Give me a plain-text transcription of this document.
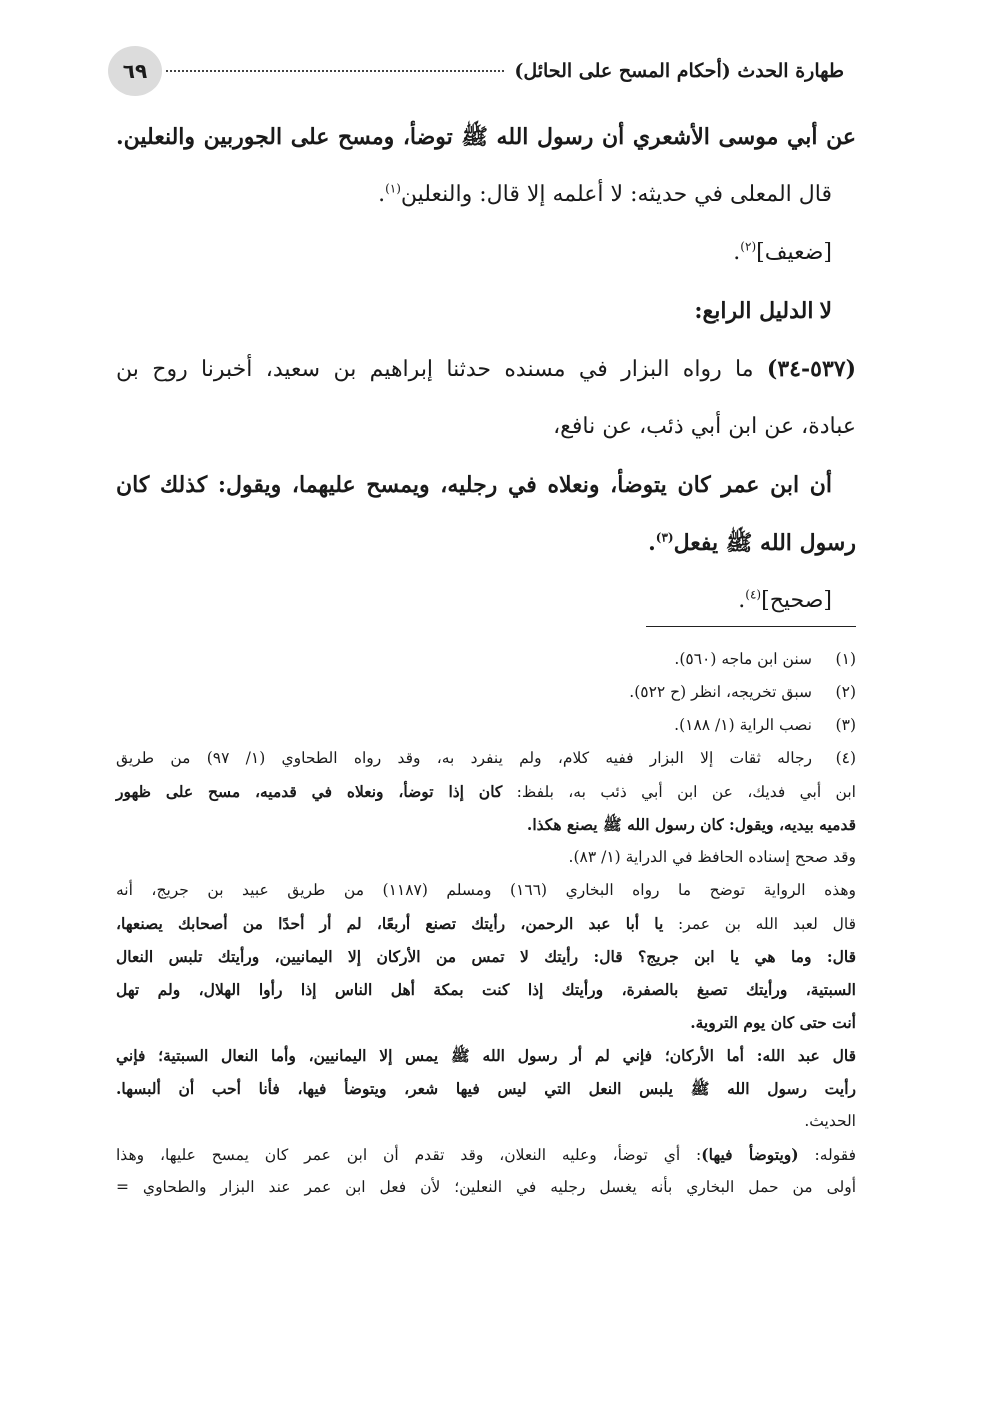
طهارة الحدث (أحكام المسح على الحائل)
٦٩
عن أبي موسى الأشعري أن رسول الله ﷺ توضأ، ومسح على الجوربين والنعلين.
قال المعلى في حديثه: لا أعلمه إلا قال: والنعلين$^{(١)}$.
[ضعيف]$^{(٢)}$.
ﻻالدليل الرابع:
(٥٣٧-٣٤) ما رواه البزار في مسنده حدثنا إبراهيم بن سعيد، أخبرنا روح بن
عبادة، عن ابن أبي ذئب، عن نافع،
أن ابن عمر كان يتوضأ، ونعلاه في رجليه، ويمسح عليهما، ويقول: كذلك كان
رسول الله ﷺ يفعل$^{(٣)}$.
[صحيح]$^{(٤)}$.
(١)سنن ابن ماجه (٥٦٠).
(٢)سبق تخريجه، انظر (ح ٥٢٢).
(٣)نصب الراية (١/ ١٨٨).
(٤)رجاله ثقات إلا البزار ففيه كلام، ولم ينفرد به، وقد رواه الطحاوي (١/ ٩٧) من طريق
ابن أبي فديك، عن ابن أبي ذئب به، بلفظ: كان إذا توضأ، ونعلاه في قدميه، مسح على ظهور
قدميه بيديه، ويقول: كان رسول الله ﷺ يصنع هكذا.
وقد صحح إسناده الحافظ في الدراية (١/ ٨٣).
وهذه الرواية توضح ما رواه البخاري (١٦٦) ومسلم (١١٨٧) من طريق عبيد بن جريج، أنه
قال لعبد الله بن عمر: يا أبا عبد الرحمن، رأيتك تصنع أربعًا، لم أر أحدًا من أصحابك يصنعها،
قال: وما هي يا ابن جريج؟ قال: رأيتك لا تمس من الأركان إلا اليمانيين، ورأيتك تلبس النعال
السبتية، ورأيتك تصبغ بالصفرة، ورأيتك إذا كنت بمكة أهل الناس إذا رأوا الهلال، ولم تهل
أنت حتى كان يوم التروية.
قال عبد الله: أما الأركان؛ فإني لم أر رسول الله ﷺ يمس إلا اليمانيين، وأما النعال السبتية؛ فإني
رأيت رسول الله ﷺ يلبس النعل التي ليس فيها شعر، ويتوضأ فيها، فأنا أحب أن ألبسها.
الحديث.
فقوله: (ويتوضأ فيها): أي توضأ، وعليه النعلان، وقد تقدم أن ابن عمر كان يمسح عليها، وهذا
أولى من حمل البخاري بأنه يغسل رجليه في النعلين؛ لأن فعل ابن عمر عند البزار والطحاوي =
